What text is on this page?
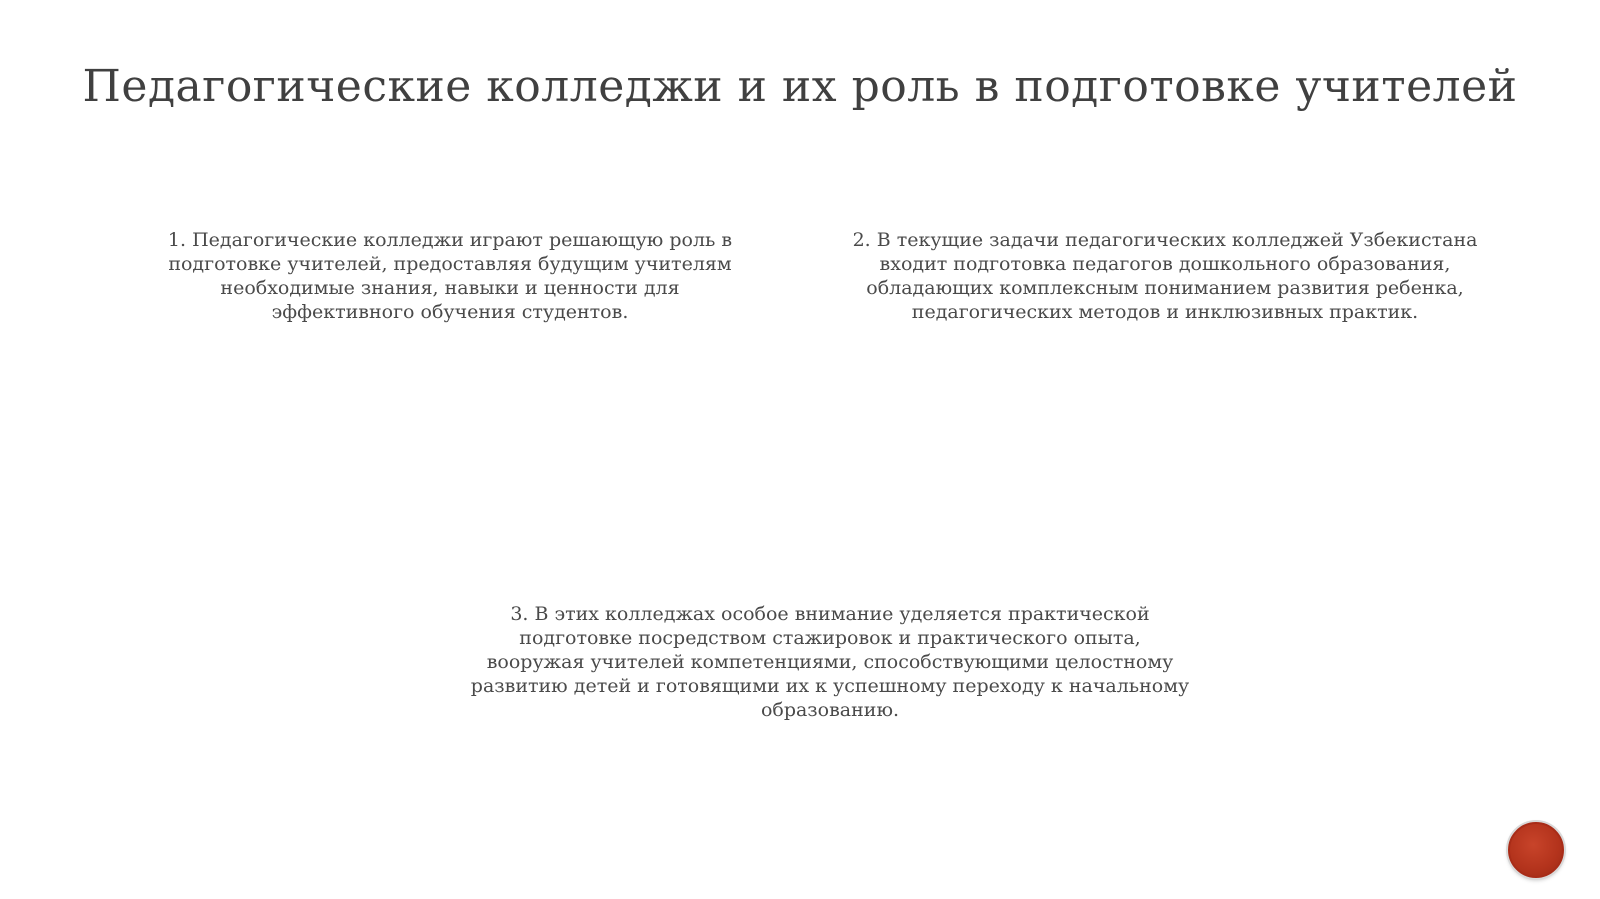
Педагогические колледжи и их роль в подготовке учителей
1. Педагогические колледжи играют решающую роль в подготовке учителей, предоставляя будущим учителям необходимые знания, навыки и ценности для эффективного обучения студентов.
2. В текущие задачи педагогических колледжей Узбекистана входит подготовка педагогов дошкольного образования, обладающих комплексным пониманием развития ребенка, педагогических методов и инклюзивных практик.
3. В этих колледжах особое внимание уделяется практической подготовке посредством стажировок и практического опыта, вооружая учителей компетенциями, способствующими целостному развитию детей и готовящими их к успешному переходу к начальному образованию.
